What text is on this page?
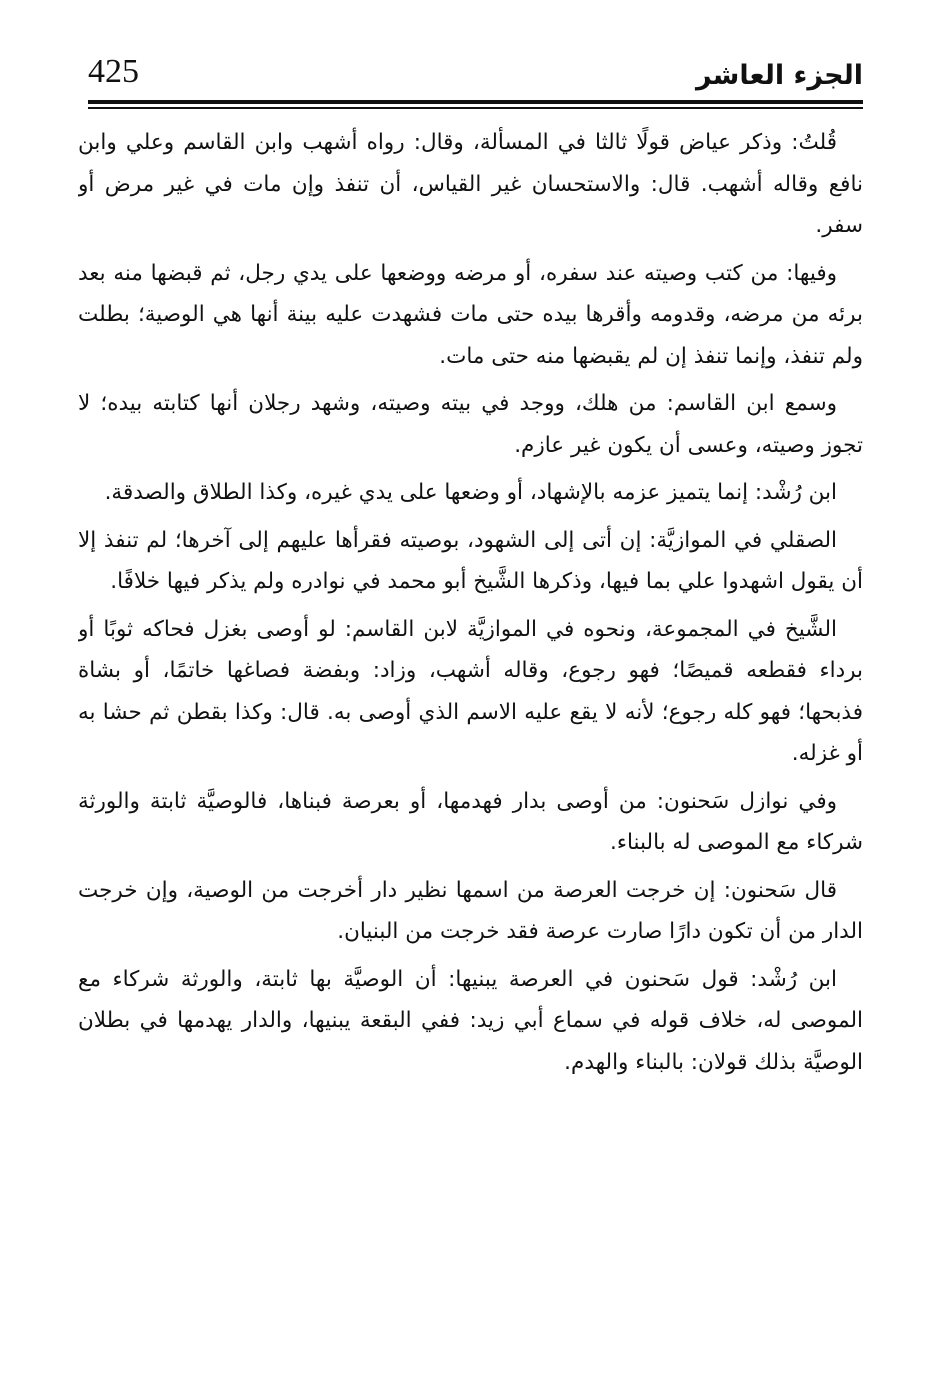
425	الجزء العاشر

قُلتُ: وذكر عياض قولًا ثالثا في المسألة، وقال: رواه أشهب وابن القاسم وعلي وابن نافع وقاله أشهب. قال: والاستحسان غير القياس، أن تنفذ وإن مات في غير مرض أو سفر.

وفيها: من كتب وصيته عند سفره، أو مرضه ووضعها على يدي رجل، ثم قبضها منه بعد برئه من مرضه، وقدومه وأقرها بيده حتى مات فشهدت عليه بينة أنها هي الوصية؛ بطلت ولم تنفذ، وإنما تنفذ إن لم يقبضها منه حتى مات.

وسمع ابن القاسم: من هلك، ووجد في بيته وصيته، وشهد رجلان أنها كتابته بيده؛ لا تجوز وصيته، وعسى أن يكون غير عازم.

ابن رُشْد: إنما يتميز عزمه بالإشهاد، أو وضعها على يدي غيره، وكذا الطلاق والصدقة.

الصقلي في الموازيَّة: إن أتى إلى الشهود، بوصيته فقرأها عليهم إلى آخرها؛ لم تنفذ إلا أن يقول اشهدوا علي بما فيها، وذكرها الشَّيخ أبو محمد في نوادره ولم يذكر فيها خلافًا.

الشَّيخ في المجموعة، ونحوه في الموازيَّة لابن القاسم: لو أوصى بغزل فحاكه ثوبًا أو برداء فقطعه قميصًا؛ فهو رجوع، وقاله أشهب، وزاد: وبفضة فصاغها خاتمًا، أو بشاة فذبحها؛ فهو كله رجوع؛ لأنه لا يقع عليه الاسم الذي أوصى به. قال: وكذا بقطن ثم حشا به أو غزله.

وفي نوازل سَحنون: من أوصى بدار فهدمها، أو بعرصة فبناها، فالوصيَّة ثابتة والورثة شركاء مع الموصى له بالبناء.

قال سَحنون: إن خرجت العرصة من اسمها نظير دار أخرجت من الوصية، وإن خرجت الدار من أن تكون دارًا صارت عرصة فقد خرجت من البنيان.

ابن رُشْد: قول سَحنون في العرصة يبنيها: أن الوصيَّة بها ثابتة، والورثة شركاء مع الموصى له، خلاف قوله في سماع أبي زيد: ففي البقعة يبنيها، والدار يهدمها في بطلان الوصيَّة بذلك قولان: بالبناء والهدم.
